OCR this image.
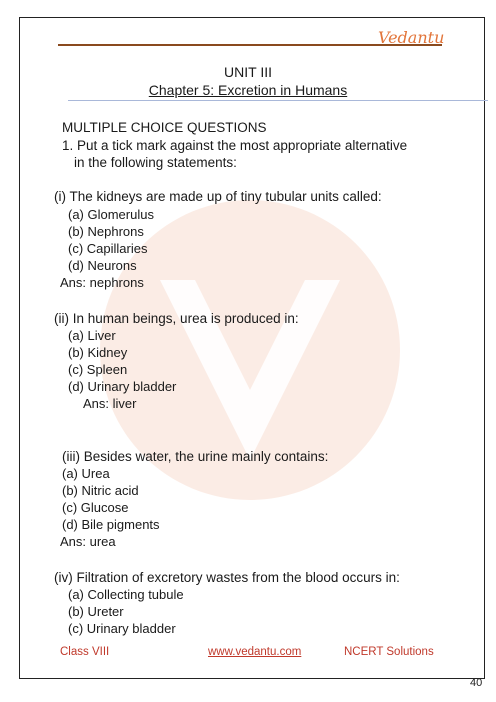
Vedantu
UNIT III
Chapter 5: Excretion in Humans
MULTIPLE CHOICE QUESTIONS
1. Put a tick mark against the most appropriate alternative
in the following statements:
(i) The kidneys are made up of tiny tubular units called:
(a) Glomerulus
(b) Nephrons
(c) Capillaries
(d) Neurons
Ans: nephrons
(ii) In human beings, urea is produced in:
(a) Liver
(b) Kidney
(c) Spleen
(d) Urinary bladder
Ans: liver
(iii) Besides water, the urine mainly contains:
(a) Urea
(b) Nitric acid
(c) Glucose
(d) Bile pigments
Ans: urea
(iv) Filtration of excretory wastes from the blood occurs in:
(a) Collecting tubule
(b) Ureter
(c) Urinary bladder
Class VIII	www.vedantu.com	NCERT Solutions
40
